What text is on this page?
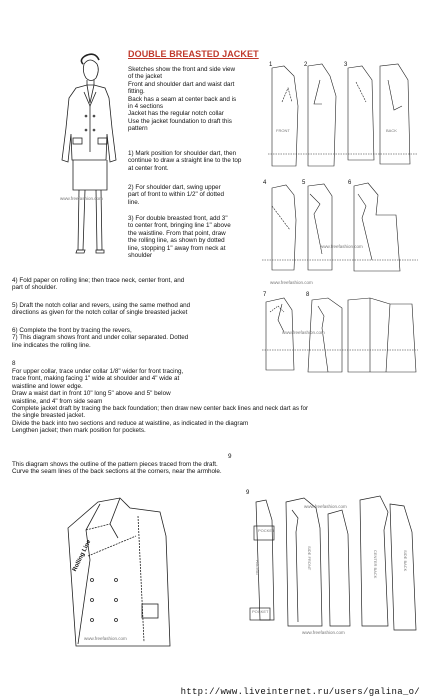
DOUBLE BREASTED JACKET
www.freefashion.com

Sketches show the front and side view
of the jacket
Front and shoulder dart and waist dart
fitting.
Back has a seam at center back and is
in 4 sections
Jacket has the regular notch collar
Use the jacket foundation to draft this
pattern

1) Mark position for shoulder dart, then
continue to draw a straight line to the top
at center front.

2) For shoulder dart, swing upper
part of front to within 1/2" of dotted
line.

3) For double breasted front, add 3"
to center front, bringing line 1" above
the waistline. From that point, draw
the rolling line, as shown by dotted
line, stopping 1" away from neck at
shoulder

1	2	3
FRONT	BACK
4	5	6
www.freefashion.com
www.freefashion.com

4) Fold paper on rolling line; then trace neck, center front, and
part of shoulder.

5) Draft the notch collar and revers, using the same method and
directions as given for the notch collar of single breasted jacket

6) Complete the front by tracing the revers,
7) This diagram shows front and under collar separated. Dotted
line indicates the rolling line.

7	8
www.freefashion.com
8

For upper collar, trace under collar 1/8" wider for front tracing,
trace front, making facing 1" wide at shoulder and 4" wide at
waistline and lower edge.
Draw a waist dart in front 10" long 5" above and 5" below
waistline, and 4" from side seam
Complete jacket draft by tracing the back foundation; then draw new center back lines and neck dart as for
the single breasted jacket.
Divide the back into two sections and reduce at waistline, as indicated in the diagram
Lengthen jacket; then mark position for pockets.

9

This diagram shows the outline of the pattern pieces traced from the draft.
Curve the seam lines of the back sections at the corners, near the armhole.

Rolling Line
www.freefashion.com
9
POCKET
POCKET
FACING	SIDE FRONT	CENTER BACK	SIDE BACK
www.freefashion.com
www.freefashion.com
http://www.liveinternet.ru/users/galina_o/
